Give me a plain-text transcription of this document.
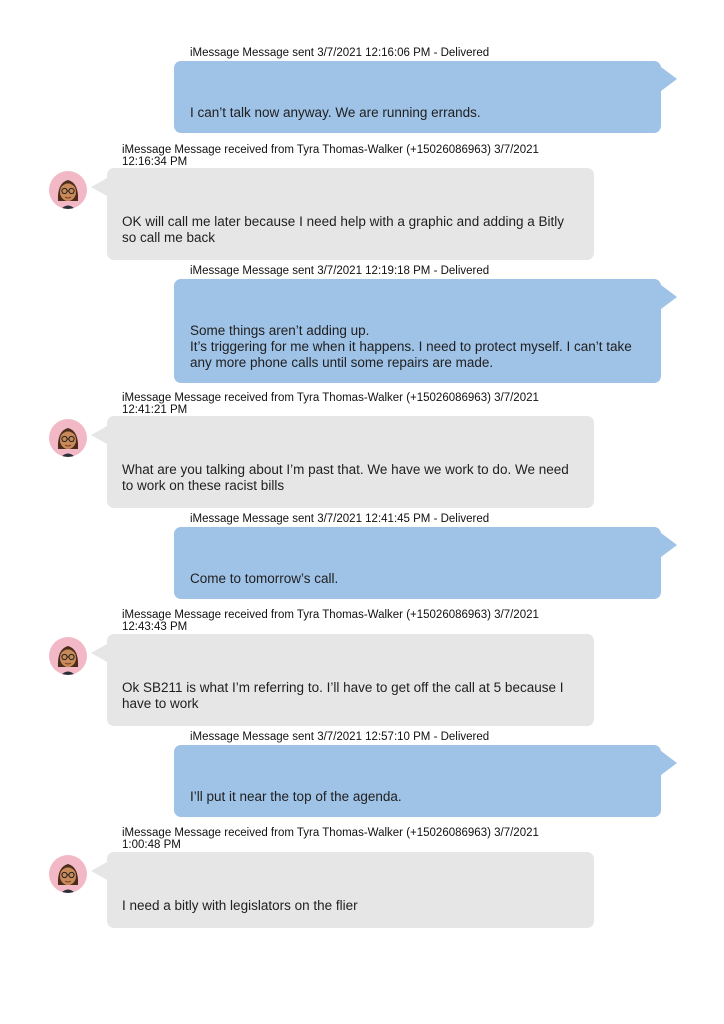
iMessage Message sent 3/7/2021 12:16:06 PM - Delivered

I can’t talk now anyway. We are running errands.

iMessage Message received from Tyra Thomas-Walker (+15026086963) 3/7/2021
12:16:34 PM

OK will call me later because I need help with a graphic and adding a Bitly
so call me back

iMessage Message sent 3/7/2021 12:19:18 PM - Delivered

Some things aren’t adding up.
It’s triggering for me when it happens. I need to protect myself. I can’t take
any more phone calls until some repairs are made.

iMessage Message received from Tyra Thomas-Walker (+15026086963) 3/7/2021
12:41:21 PM

What are you talking about I’m past that. We have we work to do. We need
to work on these racist bills

iMessage Message sent 3/7/2021 12:41:45 PM - Delivered

Come to tomorrow’s call.

iMessage Message received from Tyra Thomas-Walker (+15026086963) 3/7/2021
12:43:43 PM

Ok SB211 is what I’m referring to. I’ll have to get off the call at 5 because I
have to work

iMessage Message sent 3/7/2021 12:57:10 PM - Delivered

I’ll put it near the top of the agenda.

iMessage Message received from Tyra Thomas-Walker (+15026086963) 3/7/2021
1:00:48 PM

I need a bitly with legislators on the flier
